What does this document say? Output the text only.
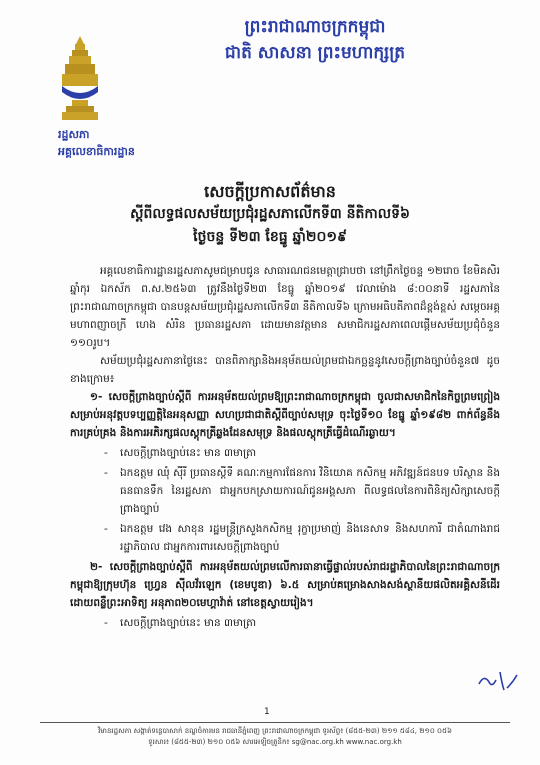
ព្រះរាជាណាចក្រកម្ពុជា
ជាតិ សាសនា ព្រះមហាក្សត្រ
រដ្ឋសភា
អគ្គលេខាធិការដ្ឋាន
សេចក្តីប្រកាសព័ត៌មាន
ស្តីពីលទ្ធផលសម័យប្រជុំរដ្ឋសភាលើកទី៣ នីតិកាលទី៦
ថ្ងៃចន្ទ ទី២៣ ខែធ្នូ ឆ្នាំ២០១៩

អគ្គលេខាធិការដ្ឋានរដ្ឋសភាសូមជម្រាបជូន សាធារណជនមេត្តាជ្រាបថា នៅព្រឹកថ្ងៃចន្ទ ១២រោច ខែមិគសិរ ឆ្នាំកុរ ឯកស័ក ព.ស.២៥៦៣ ត្រូវនឹងថ្ងៃទី២៣ ខែធ្នូ ឆ្នាំ២០១៩ វេលាម៉ោង ៨:០០នាទី រដ្ឋសភានៃព្រះរាជាណាចក្រកម្ពុជា បានបន្តសម័យប្រជុំរដ្ឋសភាលើកទី៣ នីតិកាលទី៦ ក្រោមអធិបតីភាពដ៏ខ្ពង់ខ្ពស់ សម្តេចអគ្គមហាពញាចក្រី ហេង សំរិន ប្រធានរដ្ឋសភា ដោយមានវត្តមាន សមាជិករដ្ឋសភាពេលផ្តើមសម័យប្រជុំចំនួន ១១០រូប។

សម័យប្រជុំរដ្ឋសភានាថ្ងៃនេះ បានពិភាក្សានិងអនុម័តយល់ព្រមជាឯកច្ឆន្ទនូវសេចក្តីព្រាងច្បាប់ចំនួន៧ ដូចខាងក្រោម៖

១- សេចក្តីព្រាងច្បាប់ស្តីពី ការអនុម័តយល់ព្រមឱ្យព្រះរាជាណាចក្រកម្ពុជា ចូលជាសមាជិកនៃកិច្ចព្រមព្រៀងសម្រាប់អនុវត្តបទប្បញ្ញត្តិនៃអនុសញ្ញា សហប្រជាជាតិស្តីពីច្បាប់សមុទ្រ ចុះថ្ងៃទី១០ ខែធ្នូ ឆ្នាំ១៩៨២ ពាក់ព័ន្ធនឹងការគ្រប់គ្រង និងការអភិរក្សផលស្តុកត្រីឆ្លងដែនសមុទ្រ និងផលស្តុកត្រីធ្វើដំណើរឆ្ងាយ។

-	សេចក្តីព្រាងច្បាប់នេះ មាន ៣មាត្រា
-	ឯកឧត្តម ឈុំ ស៊ីរី ប្រធានស្តីទី គណៈកម្មការផែនការ វិនិយោគ កសិកម្ម អភិវឌ្ឍន៍ជនបទ បរិស្ថាន និងធនធានទឹក នៃរដ្ឋសភា ជាអ្នកបកស្រាយការណ៍ជូនអង្គសភា ពីលទ្ធផលនៃការពិនិត្យសិក្សាសេចក្តីព្រាងច្បាប់
-	ឯកឧត្តម វេង សាខុន រដ្ឋមន្ត្រីក្រសួងកសិកម្ម រុក្ខាប្រមាញ់ និងនេសាទ និងសហការី ជាតំណាងរាជរដ្ឋាភិបាល ជាអ្នកការពារសេចក្តីព្រាងច្បាប់

២- សេចក្តីព្រាងច្បាប់ស្តីពី ការអនុម័តយល់ព្រមលើការធានាធ្វើផ្ទាល់របស់រាជរដ្ឋាភិបាលនៃព្រះរាជាណាចក្រកម្ពុជាឱ្យក្រុមហ៊ុន ហ្វ្រេន ស៊ីលវ័រឡេក (ខេមបូឌា) ៦.៥ សម្រាប់គម្រោងសាងសង់ស្ថានីយផលិតអគ្គិសនីដើរដោយពន្លឺព្រះអាទិត្យ អនុភាព២០មេហ្គាវ៉ាត់ នៅខេត្តស្វាយរៀង។

-	សេចក្តីព្រាងច្បាប់នេះ មាន ៣មាត្រា
1
វិមានរដ្ឋសភា សង្កាត់ទន្លេបាសាក់ ខណ្ឌចំការមន រាជធានីភ្នំពេញ ព្រះរាជាណាចក្រកម្ពុជា ទូរស័ព្ទ៖ (៨៥៥-២៣) ២១១ ៥៨៤, ២១០ ០៥៦
ទូរសារ៖ (៨៥៥-២៣) ២១០ ០៥៦ សារអេឡិចត្រូនិក៖ sg@nac.org.kh www.nac.org.kh
